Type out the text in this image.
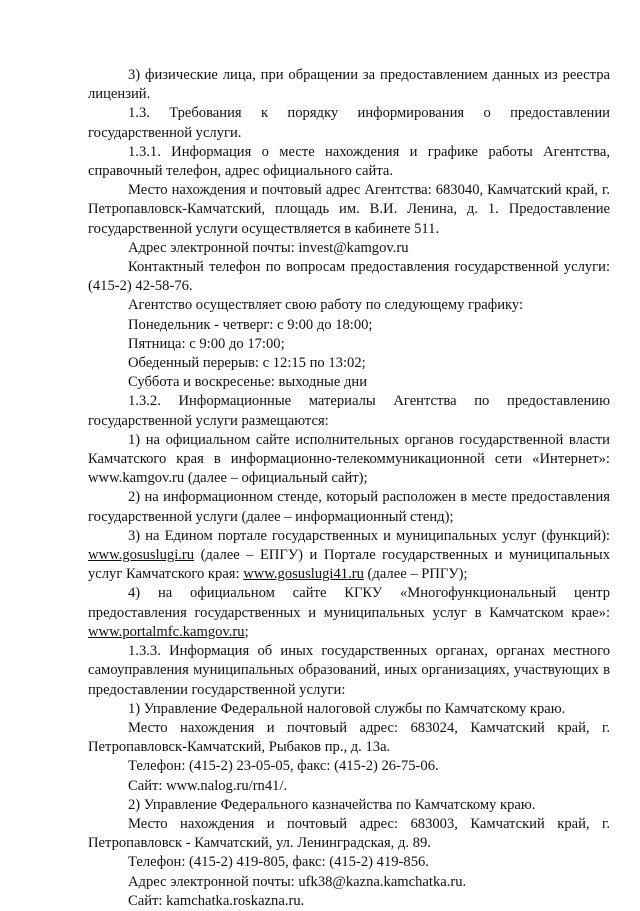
3) физические лица, при обращении за предоставлением данных из реестра лицензий.

1.3. Требования к порядку информирования о предоставлении государственной услуги.

1.3.1. Информация о месте нахождения и графике работы Агентства, справочный телефон, адрес официального сайта.

Место нахождения и почтовый адрес Агентства: 683040, Камчатский край, г. Петропавловск-Камчатский, площадь им. В.И. Ленина, д. 1. Предоставление государственной услуги осуществляется в кабинете 511.

Адрес электронной почты: invest@kamgov.ru

Контактный телефон по вопросам предоставления государственной услуги: (415-2) 42-58-76.

Агентство осуществляет свою работу по следующему графику:

Понедельник - четверг: с 9:00 до 18:00;

Пятница: с 9:00 до 17:00;

Обеденный перерыв: с 12:15 по 13:02;

Суббота и воскресенье: выходные дни

1.3.2. Информационные материалы Агентства по предоставлению государственной услуги размещаются:

1) на официальном сайте исполнительных органов государственной власти Камчатского края в информационно-телекоммуникационной сети «Интернет»: www.kamgov.ru (далее – официальный сайт);

2) на информационном стенде, который расположен в месте предоставления государственной услуги (далее – информационный стенд);

3) на Едином портале государственных и муниципальных услуг (функций): www.gosuslugi.ru (далее – ЕПГУ) и Портале государственных и муниципальных услуг Камчатского края: www.gosuslugi41.ru (далее – РПГУ);

4) на официальном сайте КГКУ «Многофункциональный центр предоставления государственных и муниципальных услуг в Камчатском крае»: www.portalmfc.kamgov.ru;

1.3.3. Информация об иных государственных органах, органах местного самоуправления муниципальных образований, иных организациях, участвующих в предоставлении государственной услуги:

1) Управление Федеральной налоговой службы по Камчатскому краю.

Место нахождения и почтовый адрес: 683024, Камчатский край, г. Петропавловск-Камчатский, Рыбаков пр., д. 13а.

Телефон: (415-2) 23-05-05, факс: (415-2) 26-75-06.

Сайт: www.nalog.ru/rn41/.

2) Управление Федерального казначейства по Камчатскому краю.

Место нахождения и почтовый адрес: 683003, Камчатский край, г. Петропавловск - Камчатский, ул. Ленинградская, д. 89.

Телефон: (415-2) 419-805, факс: (415-2) 419-856.

Адрес электронной почты: ufk38@kazna.kamchatka.ru.

Сайт: kamchatka.roskazna.ru.
